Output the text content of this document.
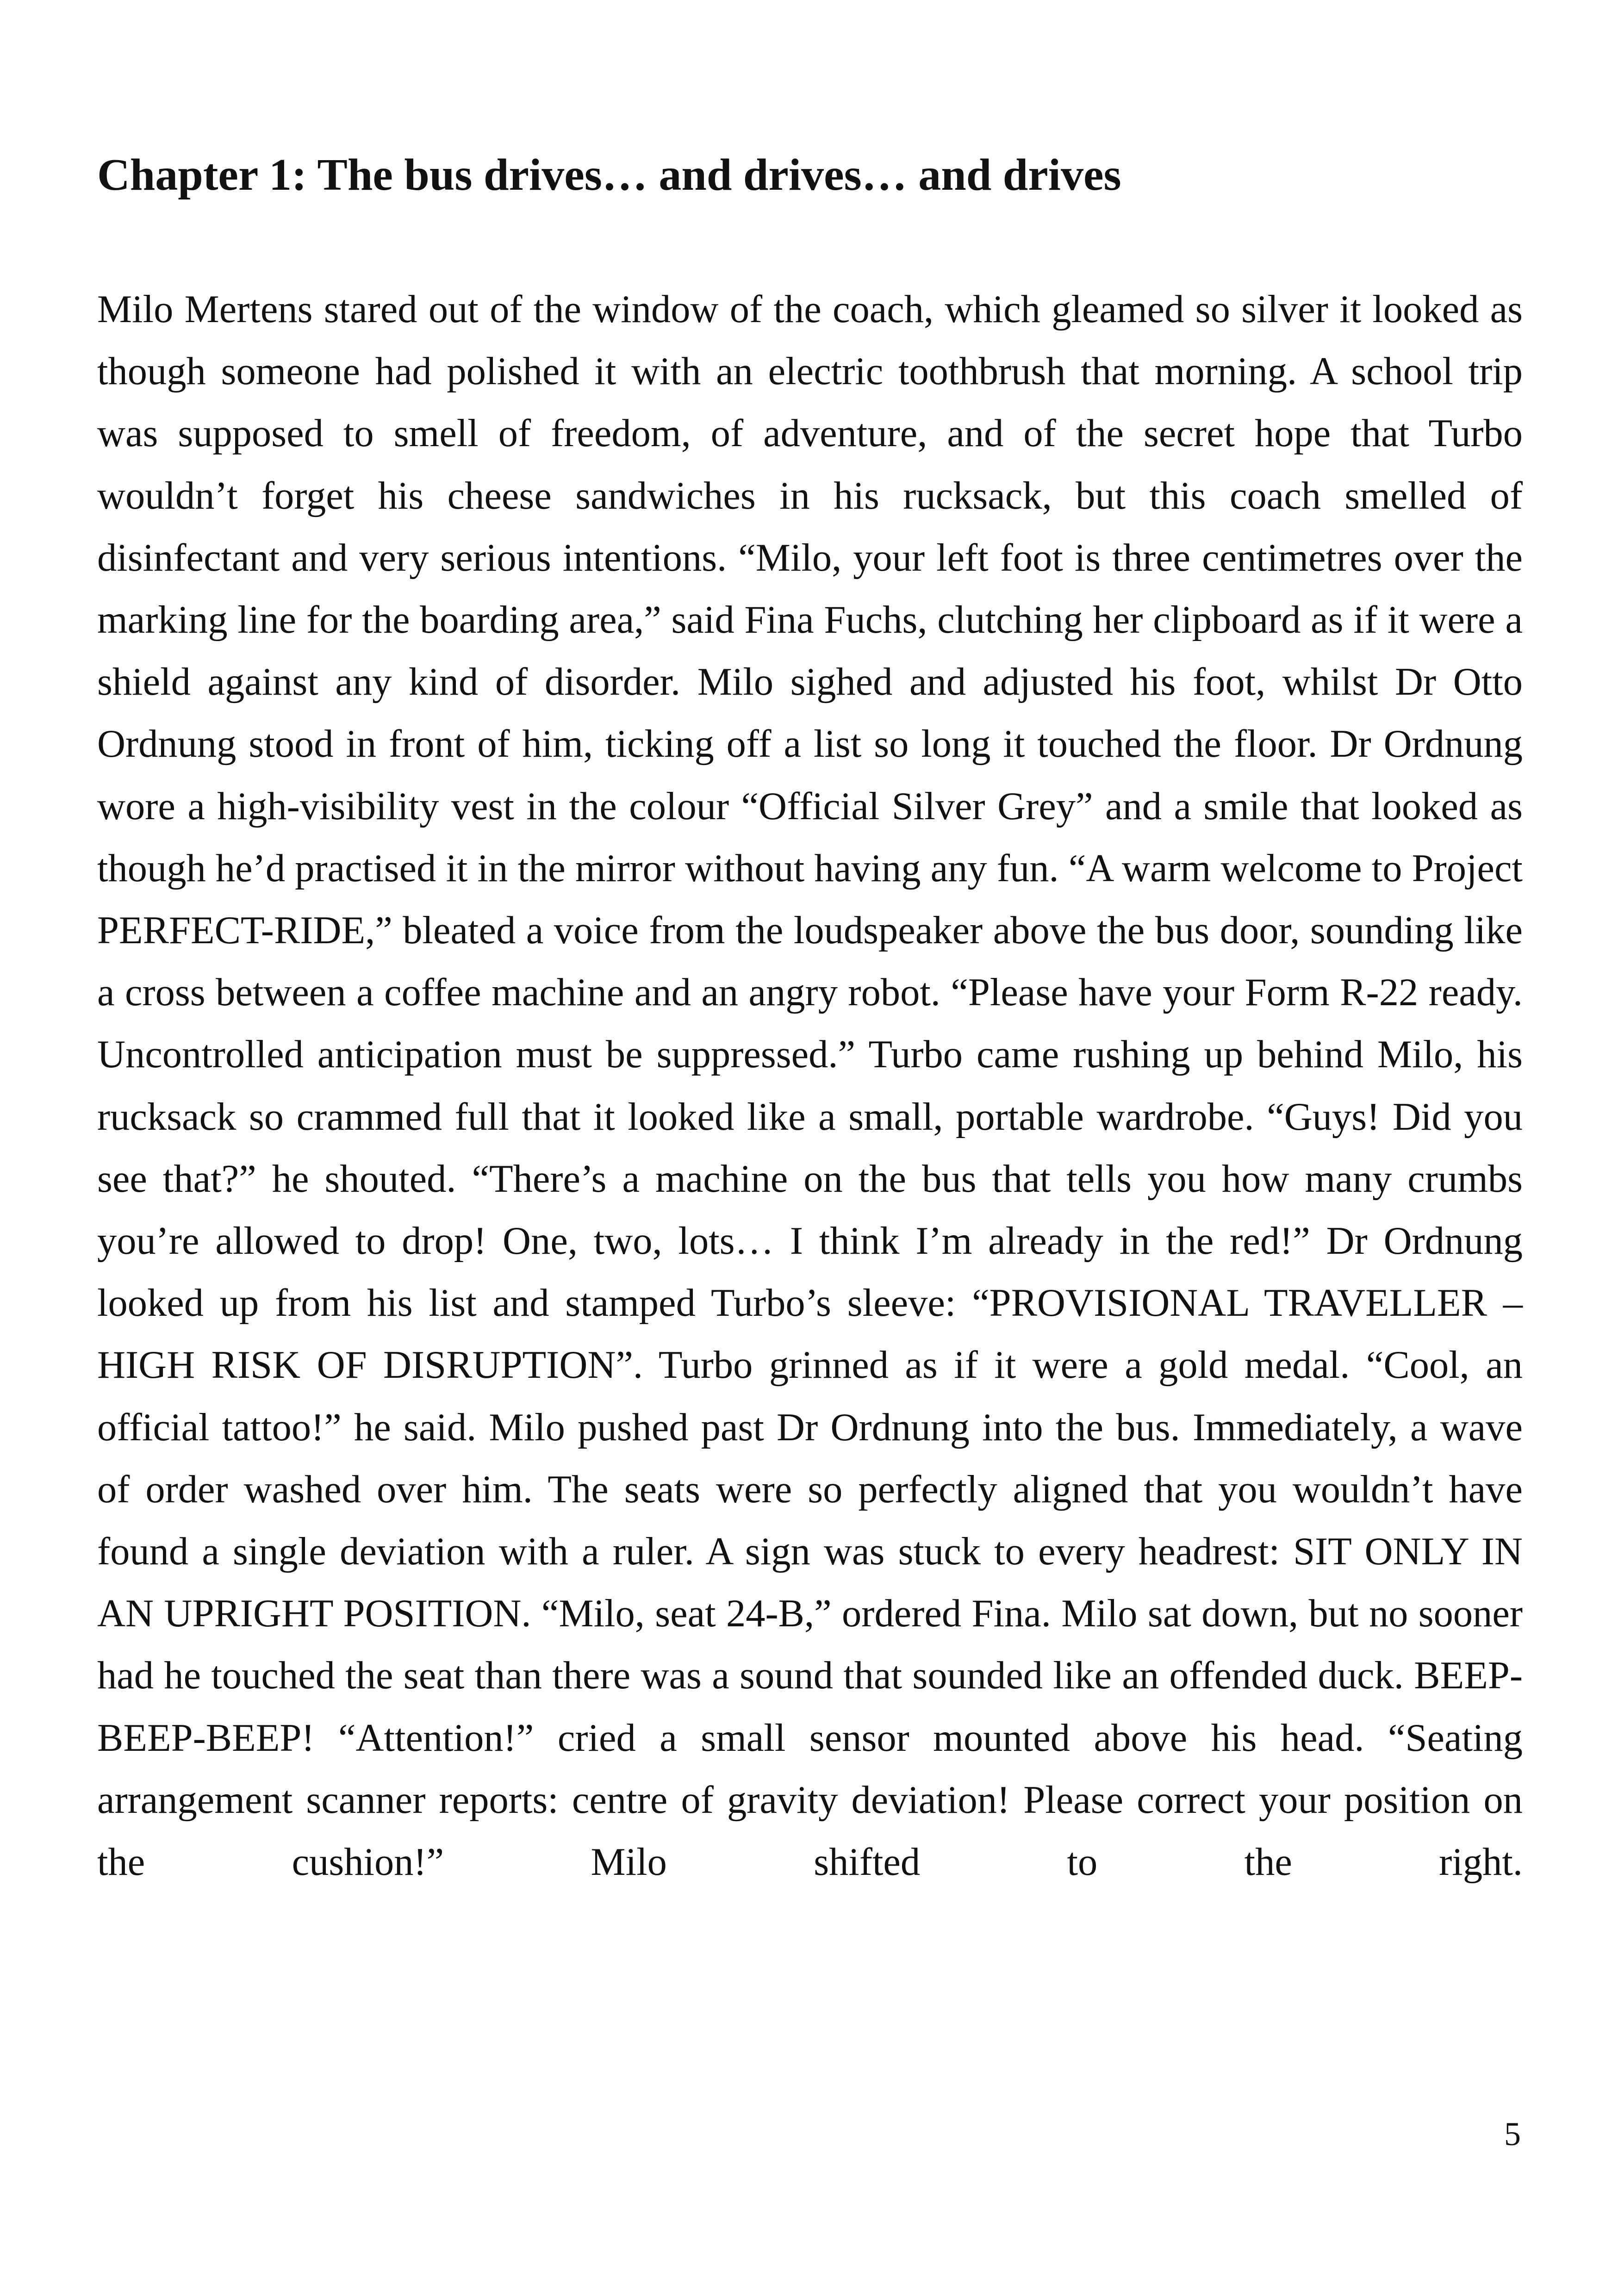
Chapter 1: The bus drives… and drives… and drives

Milo Mertens stared out of the window of the coach, which gleamed so silver it looked as though someone had polished it with an electric toothbrush that morning. A school trip was supposed to smell of freedom, of adventure, and of the secret hope that Turbo wouldn’t forget his cheese sandwiches in his rucksack, but this coach smelled of disinfectant and very serious intentions. “Milo, your left foot is three centimetres over the marking line for the boarding area,” said Fina Fuchs, clutching her clipboard as if it were a shield against any kind of disorder. Milo sighed and adjusted his foot, whilst Dr Otto Ordnung stood in front of him, ticking off a list so long it touched the floor. Dr Ordnung wore a high-visibility vest in the colour “Official Silver Grey” and a smile that looked as though he’d practised it in the mirror without having any fun. “A warm welcome to Project PERFECT-RIDE,” bleated a voice from the loudspeaker above the bus door, sounding like a cross between a coffee machine and an angry robot. “Please have your Form R-22 ready. Uncontrolled anticipation must be suppressed.” Turbo came rushing up behind Milo, his rucksack so crammed full that it looked like a small, portable wardrobe. “Guys! Did you see that?” he shouted. “There’s a machine on the bus that tells you how many crumbs you’re allowed to drop! One, two, lots… I think I’m already in the red!” Dr Ordnung looked up from his list and stamped Turbo’s sleeve: “PROVISIONAL TRAVELLER – HIGH RISK OF DISRUPTION”. Turbo grinned as if it were a gold medal. “Cool, an official tattoo!” he said. Milo pushed past Dr Ordnung into the bus. Immediately, a wave of order washed over him. The seats were so perfectly aligned that you wouldn’t have found a single deviation with a ruler. A sign was stuck to every headrest: SIT ONLY IN AN UPRIGHT POSITION. “Milo, seat 24-B,” ordered Fina. Milo sat down, but no sooner had he touched the seat than there was a sound that sounded like an offended duck. BEEP-BEEP-BEEP! “Attention!” cried a small sensor mounted above his head. “Seating arrangement scanner reports: centre of gravity deviation! Please correct your position on the cushion!” Milo shifted to the right.

5
